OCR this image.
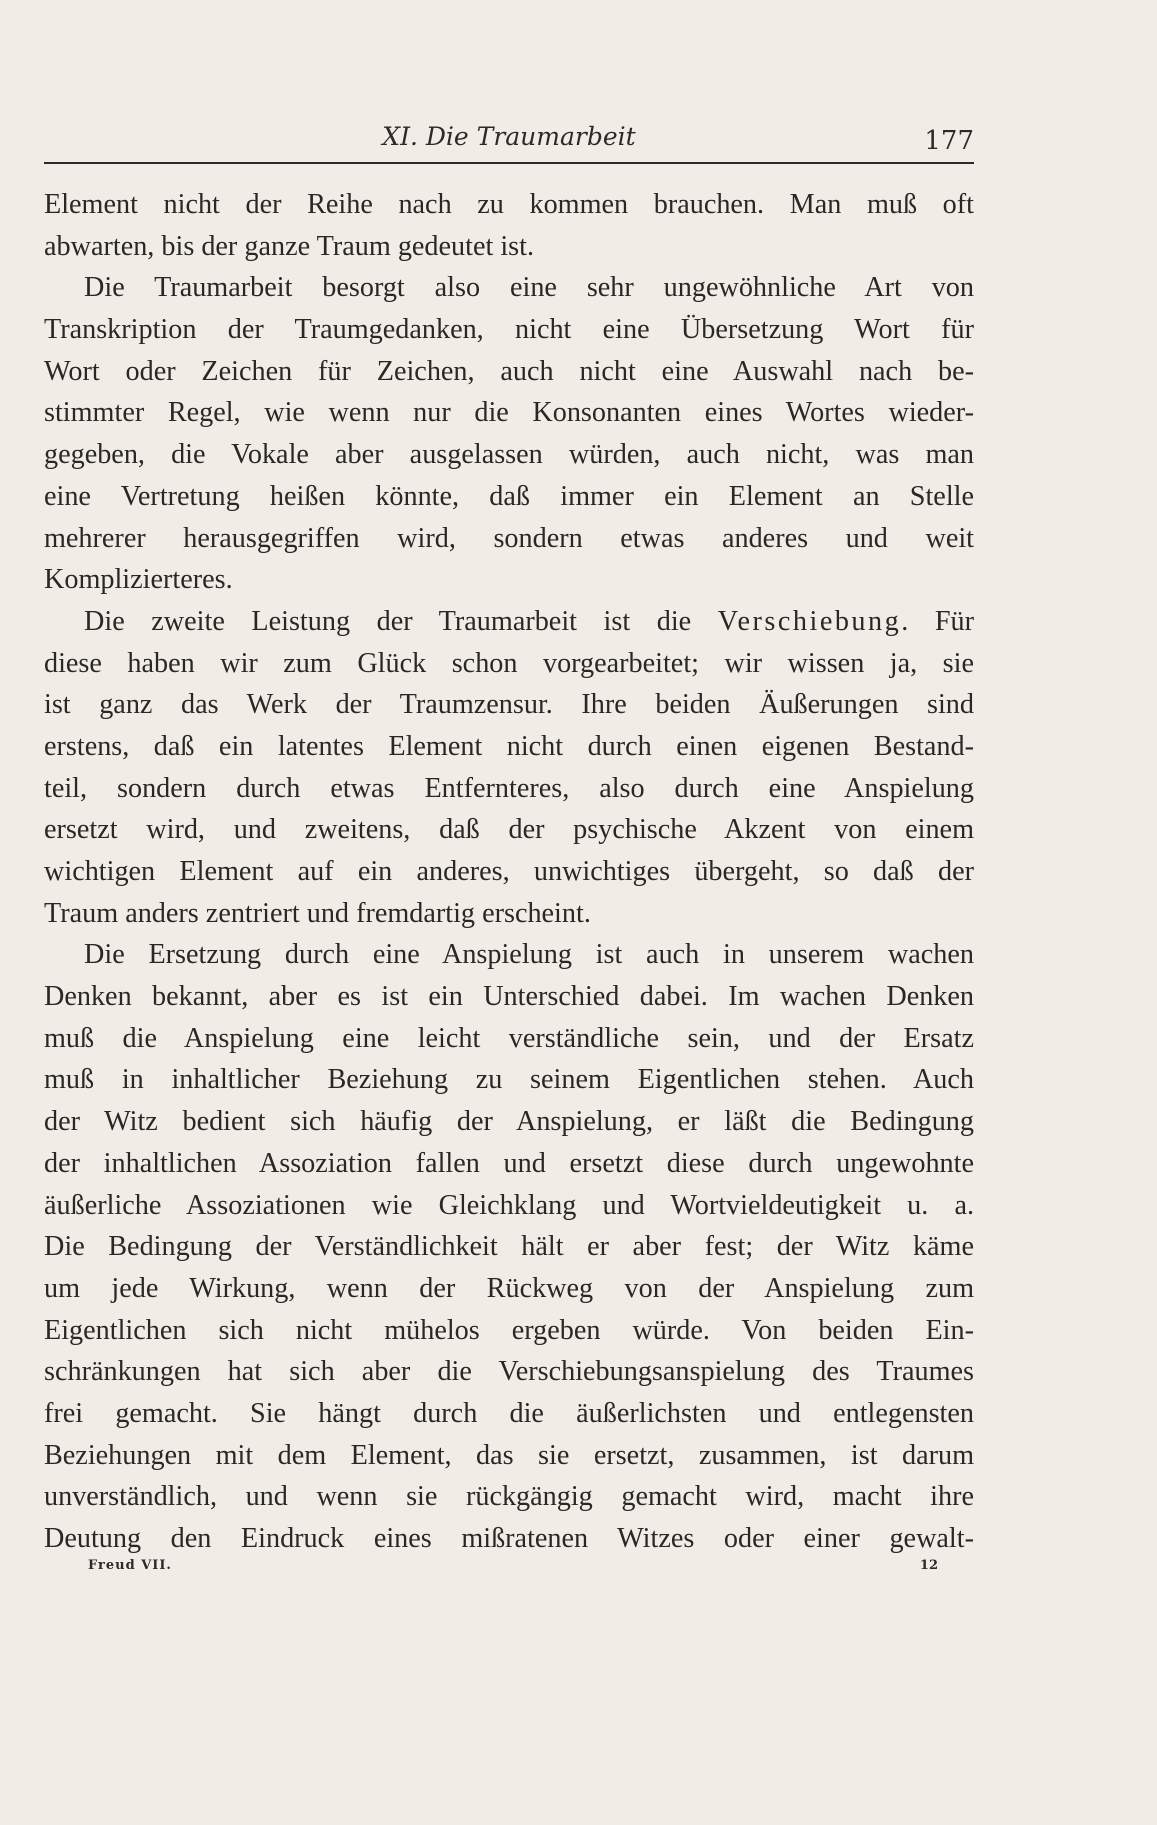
XI. Die Traumarbeit	177
Element nicht der Reihe nach zu kommen brauchen. Man muß oft
abwarten, bis der ganze Traum gedeutet ist.
Die Traumarbeit besorgt also eine sehr ungewöhnliche Art von
Transkription der Traumgedanken, nicht eine Übersetzung Wort für
Wort oder Zeichen für Zeichen, auch nicht eine Auswahl nach be-
stimmter Regel, wie wenn nur die Konsonanten eines Wortes wieder-
gegeben, die Vokale aber ausgelassen würden, auch nicht, was man
eine Vertretung heißen könnte, daß immer ein Element an Stelle
mehrerer herausgegriffen wird, sondern etwas anderes und weit
Komplizierteres.
Die zweite Leistung der Traumarbeit ist die Verschiebung. Für
diese haben wir zum Glück schon vorgearbeitet; wir wissen ja, sie
ist ganz das Werk der Traumzensur. Ihre beiden Äußerungen sind
erstens, daß ein latentes Element nicht durch einen eigenen Bestand-
teil, sondern durch etwas Entfernteres, also durch eine Anspielung
ersetzt wird, und zweitens, daß der psychische Akzent von einem
wichtigen Element auf ein anderes, unwichtiges übergeht, so daß der
Traum anders zentriert und fremdartig erscheint.
Die Ersetzung durch eine Anspielung ist auch in unserem wachen
Denken bekannt, aber es ist ein Unterschied dabei. Im wachen Denken
muß die Anspielung eine leicht verständliche sein, und der Ersatz
muß in inhaltlicher Beziehung zu seinem Eigentlichen stehen. Auch
der Witz bedient sich häufig der Anspielung, er läßt die Bedingung
der inhaltlichen Assoziation fallen und ersetzt diese durch ungewohnte
äußerliche Assoziationen wie Gleichklang und Wortvieldeutigkeit u. a.
Die Bedingung der Verständlichkeit hält er aber fest; der Witz käme
um jede Wirkung, wenn der Rückweg von der Anspielung zum
Eigentlichen sich nicht mühelos ergeben würde. Von beiden Ein-
schränkungen hat sich aber die Verschiebungsanspielung des Traumes
frei gemacht. Sie hängt durch die äußerlichsten und entlegensten
Beziehungen mit dem Element, das sie ersetzt, zusammen, ist darum
unverständlich, und wenn sie rückgängig gemacht wird, macht ihre
Deutung den Eindruck eines mißratenen Witzes oder einer gewalt-
Freud VII.	12
